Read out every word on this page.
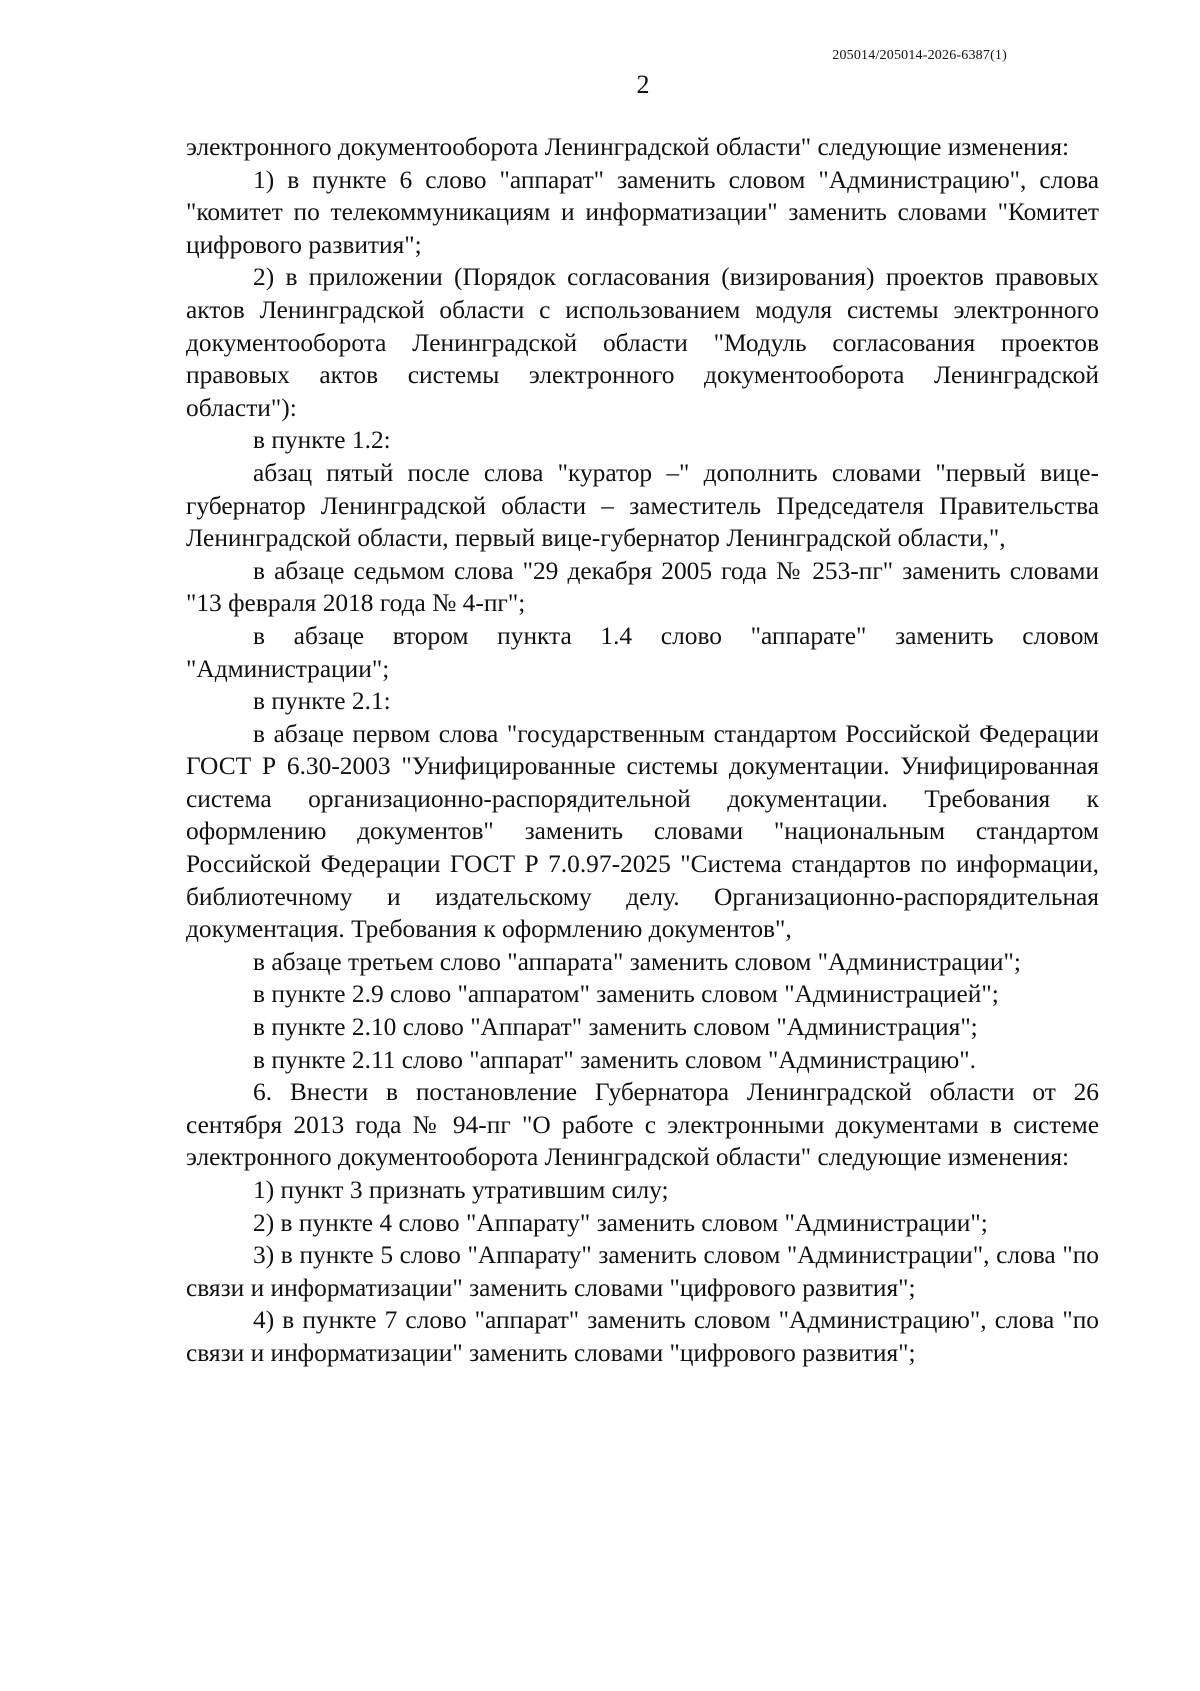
205014/205014-2026-6387(1)
2

электронного документооборота Ленинградской области" следующие изменения:

1) в пункте 6 слово "аппарат" заменить словом "Администрацию", слова "комитет по телекоммуникациям и информатизации" заменить словами "Комитет цифрового развития";

2) в приложении (Порядок согласования (визирования) проектов правовых актов Ленинградской области с использованием модуля системы электронного документооборота Ленинградской области "Модуль согласования проектов правовых актов системы электронного документооборота Ленинградской области"):

в пункте 1.2:

абзац пятый после слова "куратор –" дополнить словами "первый вице-губернатор Ленинградской области – заместитель Председателя Правительства Ленинградской области, первый вице-губернатор Ленинградской области,",

в абзаце седьмом слова "29 декабря 2005 года № 253-пг" заменить словами "13 февраля 2018 года № 4-пг";

в абзаце втором пункта 1.4 слово "аппарате" заменить словом "Администрации";

в пункте 2.1:

в абзаце первом слова "государственным стандартом Российской Федерации ГОСТ Р 6.30-2003 "Унифицированные системы документации. Унифицированная система организационно-распорядительной документации. Требования к оформлению документов" заменить словами "национальным стандартом Российской Федерации ГОСТ Р 7.0.97-2025 "Система стандартов по информации, библиотечному и издательскому делу. Организационно-распорядительная документация. Требования к оформлению документов",

в абзаце третьем слово "аппарата" заменить словом "Администрации";

в пункте 2.9 слово "аппаратом" заменить словом "Администрацией";

в пункте 2.10 слово "Аппарат" заменить словом "Администрация";

в пункте 2.11 слово "аппарат" заменить словом "Администрацию".

6. Внести в постановление Губернатора Ленинградской области от 26 сентября 2013 года № 94-пг "О работе с электронными документами в системе электронного документооборота Ленинградской области" следующие изменения:

1) пункт 3 признать утратившим силу;

2) в пункте 4 слово "Аппарату" заменить словом "Администрации";

3) в пункте 5 слово "Аппарату" заменить словом "Администрации", слова "по связи и информатизации" заменить словами "цифрового развития";

4) в пункте 7 слово "аппарат" заменить словом "Администрацию", слова "по связи и информатизации" заменить словами "цифрового развития";
